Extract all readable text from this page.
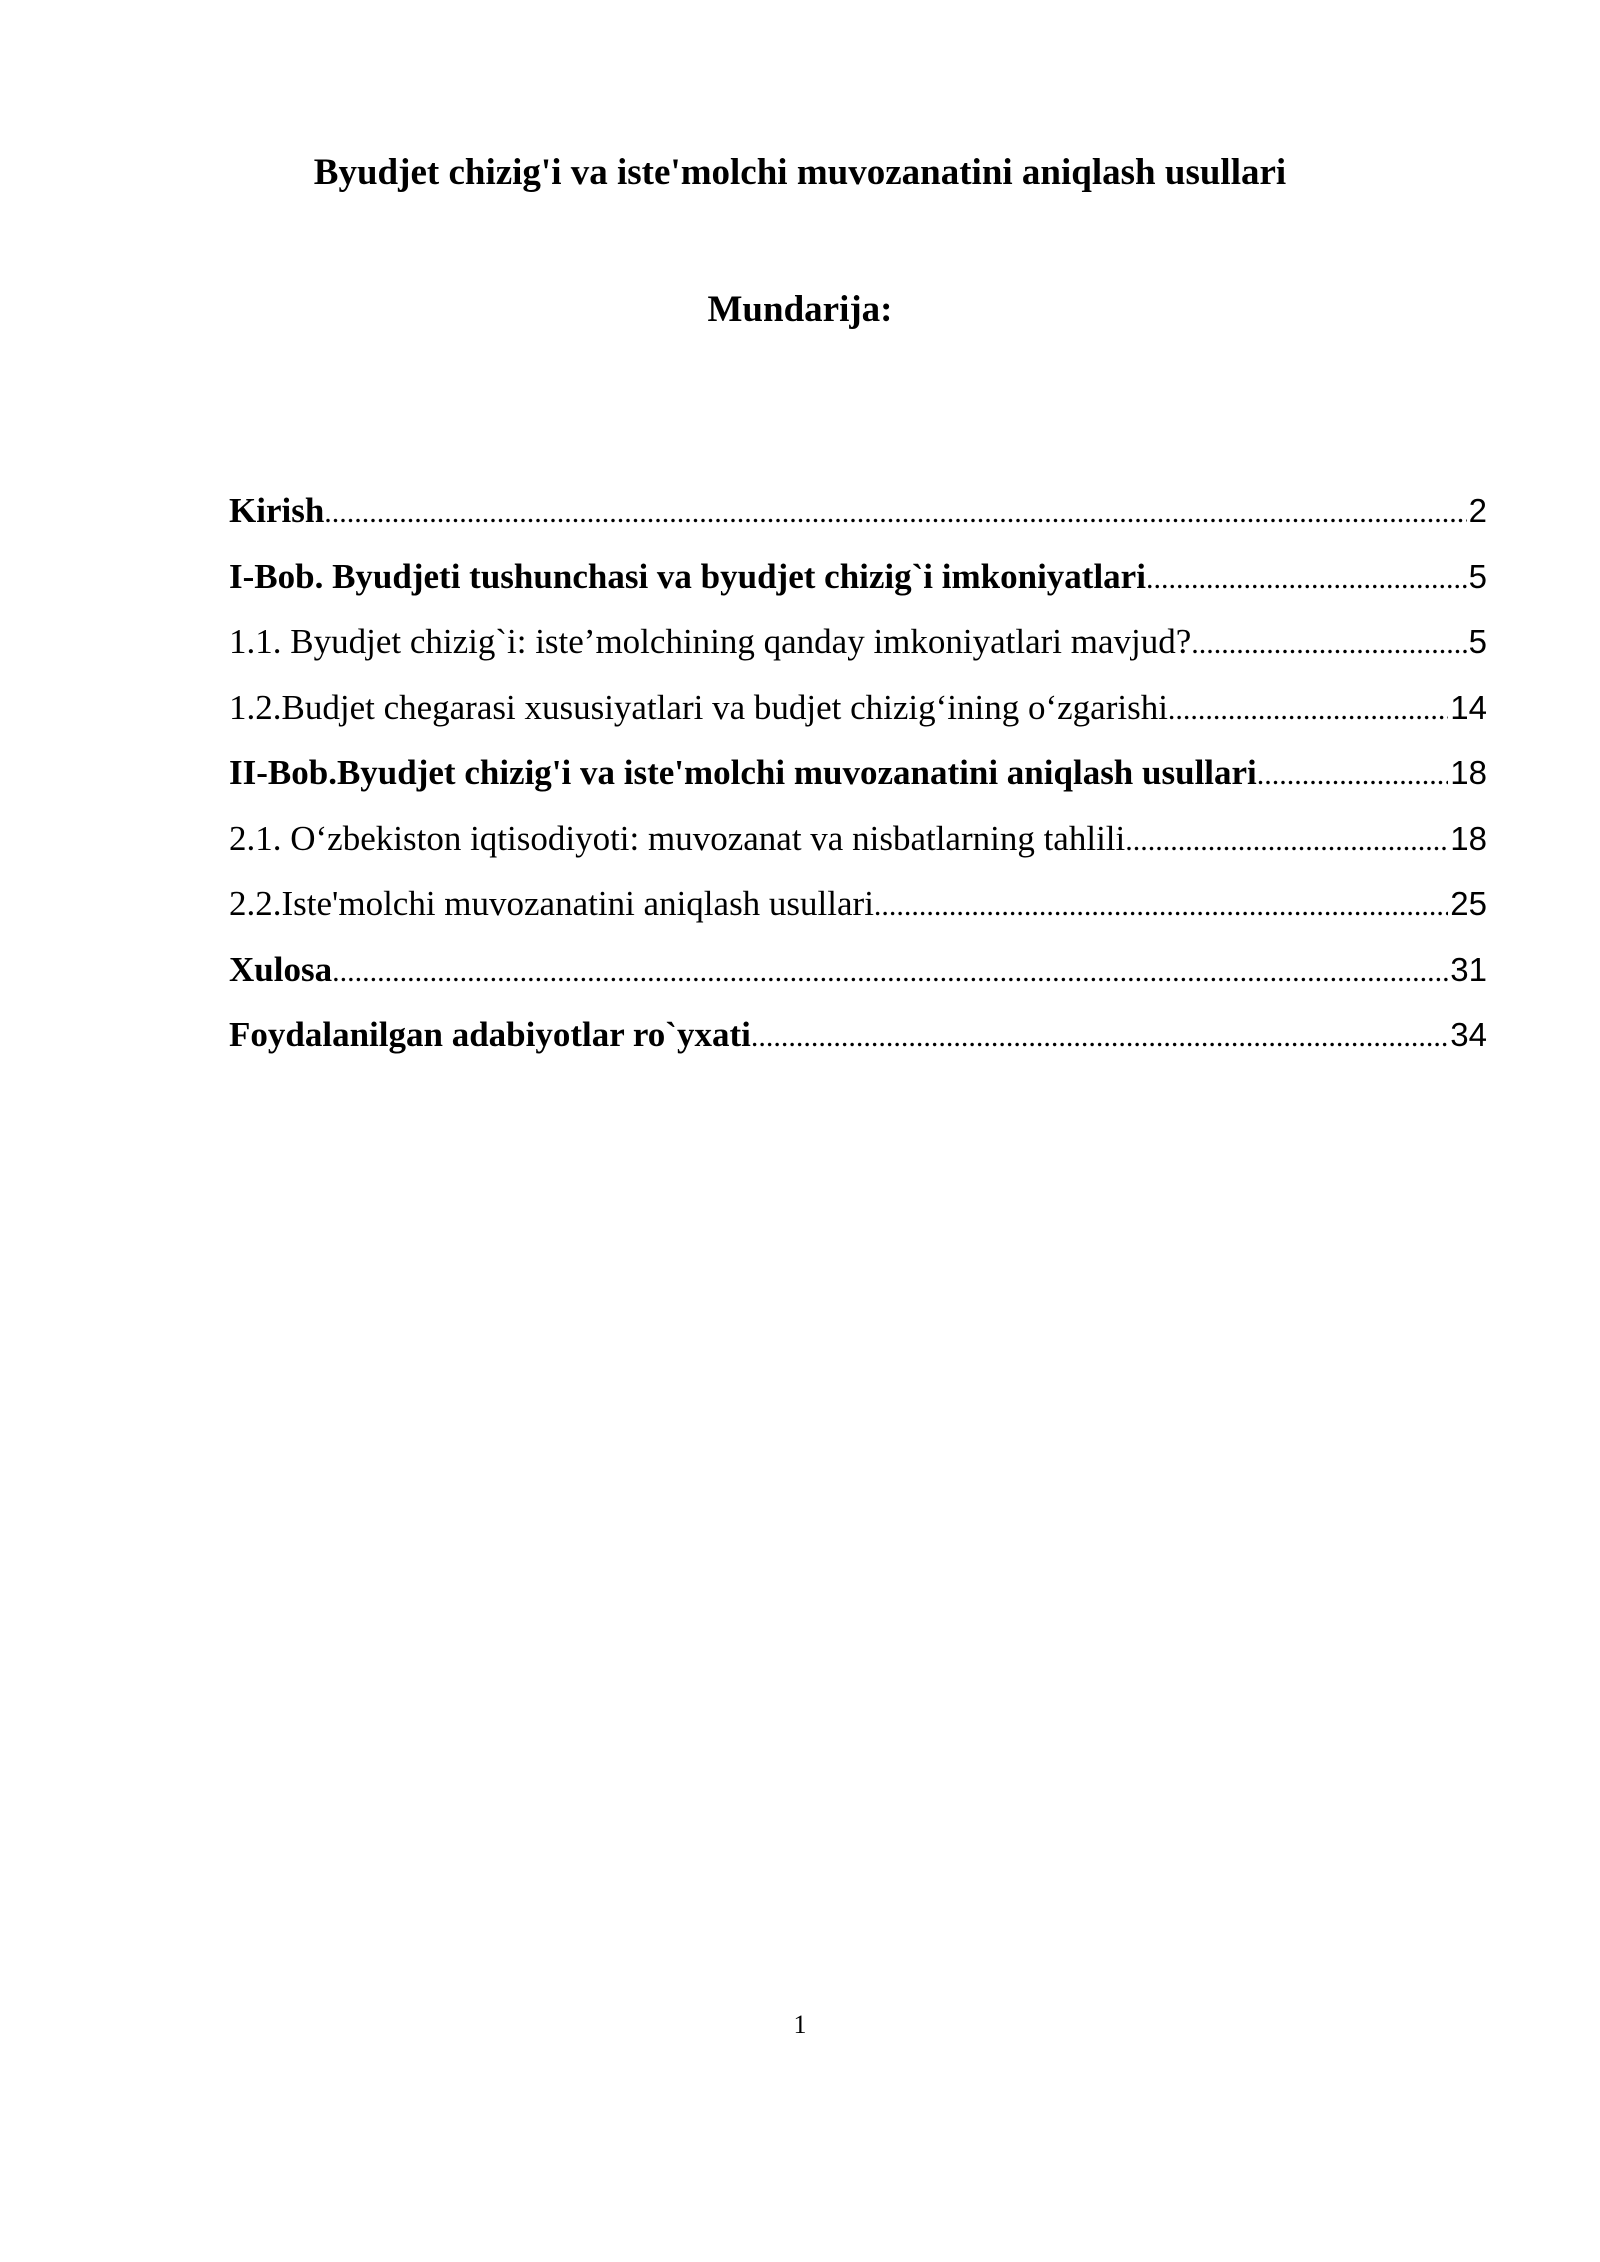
Byudjet chizig'i va iste'molchi muvozanatini aniqlash usullari
Mundarija:
Kirish .....	2
I-Bob. Byudjeti tushunchasi va byudjet chizig`i imkoniyatlari .....	5
1.1. Byudjet chizig`i: iste’molchining qanday imkoniyatlari mavjud? .....	5
1.2.Budjet chegarasi xususiyatlari va budjet chizig‘ining o‘zgarishi .....	14
II-Bob.Byudjet chizig'i va iste'molchi muvozanatini aniqlash usullari .....	18
2.1. O‘zbekiston iqtisodiyoti: muvozanat va nisbatlarning tahlili .....	18
2.2.Iste'molchi muvozanatini aniqlash usullari .....	25
Xulosa .....	31
Foydalanilgan adabiyotlar ro`yxati .....	34
1
